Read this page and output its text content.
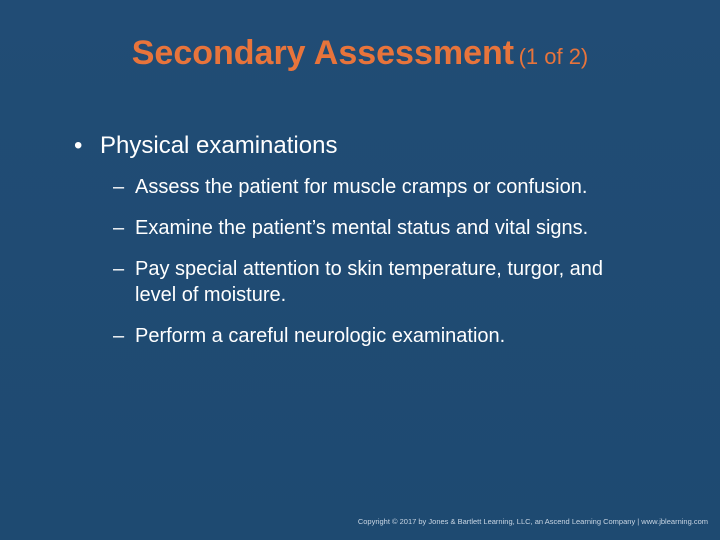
Secondary Assessment (1 of 2)
• Physical examinations
– Assess the patient for muscle cramps or confusion.
– Examine the patient’s mental status and vital signs.
– Pay special attention to skin temperature, turgor, and level of moisture.
– Perform a careful neurologic examination.
Copyright © 2017 by Jones & Bartlett Learning, LLC, an Ascend Learning Company | www.jblearning.com
